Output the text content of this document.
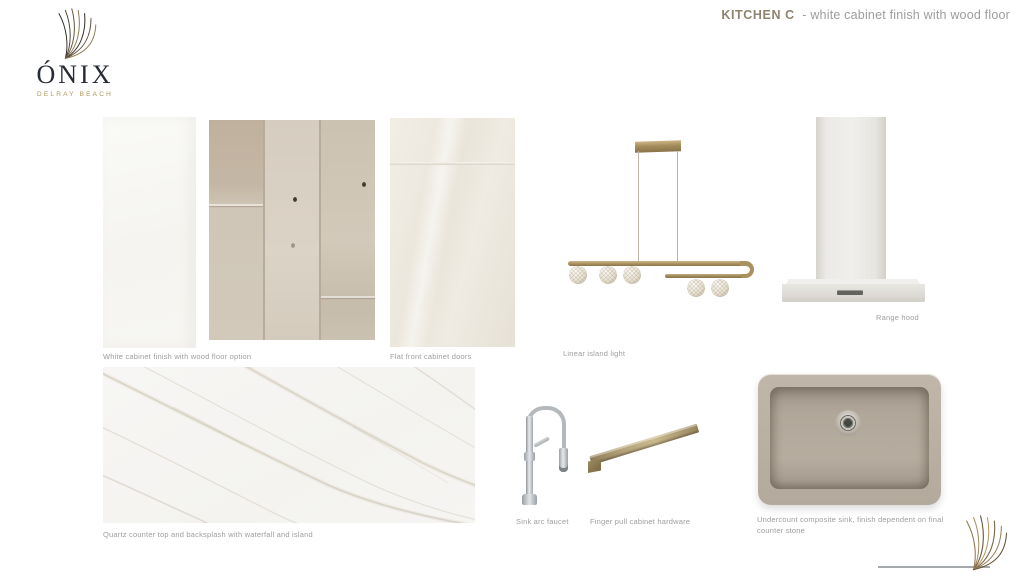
ÓNIX
DELRAY BEACH
KITCHEN C - white cabinet finish with wood floor
White cabinet finish with wood floor option	Flat front cabinet doors	Linear island light
Range hood
Quartz counter top and backsplash with waterfall and island
Sink arc faucet	Finger pull cabinet hardware	Undercount composite sink, finish dependent on final counter stone
